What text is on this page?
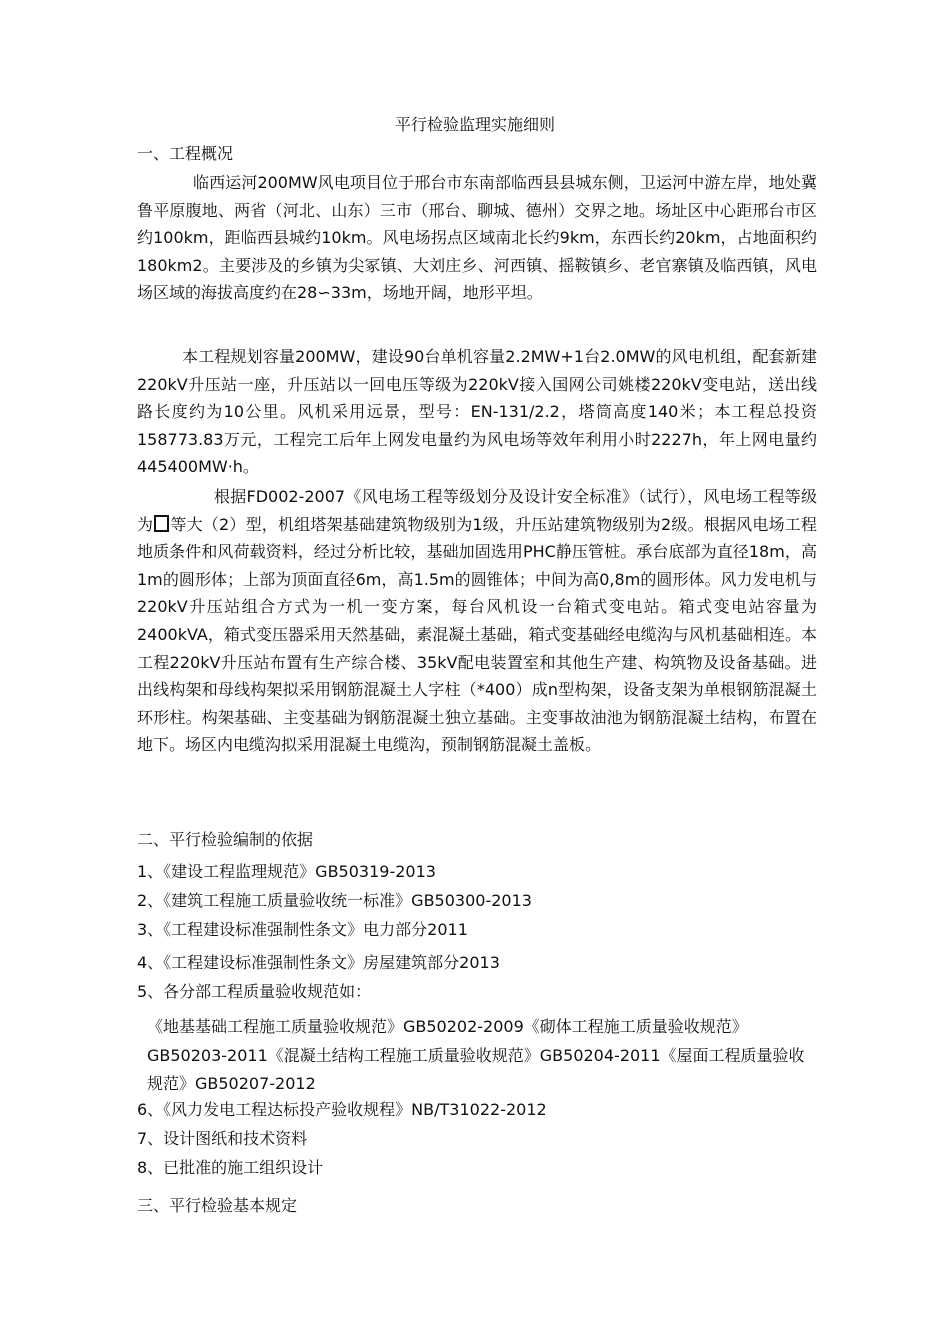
平行检验监理实施细则
一、工程概况
临西运河200MW风电项目位于邢台市东南部临西县县城东侧，卫运河中游左岸，地处冀鲁平原腹地、两省（河北、山东）三市（邢台、聊城、德州）交界之地。场址区中心距邢台市区约100km，距临西县城约10km。风电场拐点区域南北长约9km，东西长约20km，占地面积约180km2。主要涉及的乡镇为尖冢镇、大刘庄乡、河西镇、摇鞍镇乡、老官寨镇及临西镇，风电场区域的海拔高度约在28∽33m，场地开阔，地形平坦。
本工程规划容量200MW，建设90台单机容量2.2MW+1台2.0MW的风电机组，配套新建220kV升压站一座，升压站以一回电压等级为220kV接入国网公司姚楼220kV变电站，送出线路长度约为10公里。风机采用远景，型号：EN-131/2.2，塔筒高度140米；本工程总投资158773.83万元，工程完工后年上网发电量约为风电场等效年利用小时2227h，年上网电量约445400MW·h。
根据FD002-2007《风电场工程等级划分及设计安全标准》（试行），风电场工程等级为 等大（2）型，机组塔架基础建筑物级别为1级，升压站建筑物级别为2级。根据风电场工程地质条件和风荷载资料，经过分析比较，基础加固选用PHC静压管桩。承台底部为直径18m，高1m的圆形体；上部为顶面直径6m，高1.5m的圆锥体；中间为高0,8m的圆形体。风力发电机与220kV升压站组合方式为一机一变方案，每台风机设一台箱式变电站。箱式变电站容量为2400kVA，箱式变压器采用天然基础，素混凝土基础，箱式变基础经电缆沟与风机基础相连。本工程220kV升压站布置有生产综合楼、35kV配电装置室和其他生产建、构筑物及设备基础。进出线构架和母线构架拟采用钢筋混凝土人字柱（*400）成n型构架，设备支架为单根钢筋混凝土环形柱。构架基础、主变基础为钢筋混凝土独立基础。主变事故油池为钢筋混凝土结构，布置在地下。场区内电缆沟拟采用混凝土电缆沟，预制钢筋混凝土盖板。
二、平行检验编制的依据
1、《建设工程监理规范》GB50319-2013
2、《建筑工程施工质量验收统一标准》GB50300-2013
3、《工程建设标准强制性条文》电力部分2011
4、《工程建设标准强制性条文》房屋建筑部分2013
5、各分部工程质量验收规范如：
《地基基础工程施工质量验收规范》GB50202-2009《砌体工程施工质量验收规范》GB50203-2011《混凝土结构工程施工质量验收规范》GB50204-2011《屋面工程质量验收规范》GB50207-2012
6、《风力发电工程达标投产验收规程》NB/T31022-2012
7、设计图纸和技术资料
8、已批准的施工组织设计
三、平行检验基本规定
